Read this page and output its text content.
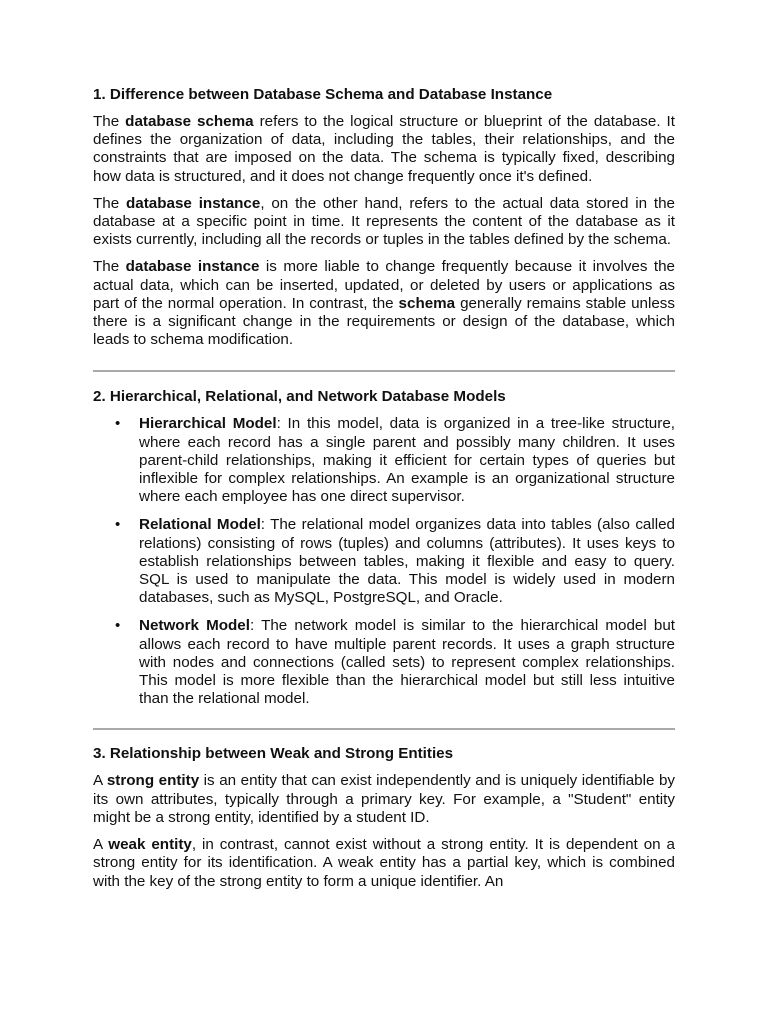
1. Difference between Database Schema and Database Instance

The database schema refers to the logical structure or blueprint of the database. It defines the organization of data, including the tables, their relationships, and the constraints that are imposed on the data. The schema is typically fixed, describing how data is structured, and it does not change frequently once it's defined.

The database instance, on the other hand, refers to the actual data stored in the database at a specific point in time. It represents the content of the database as it exists currently, including all the records or tuples in the tables defined by the schema.

The database instance is more liable to change frequently because it involves the actual data, which can be inserted, updated, or deleted by users or applications as part of the normal operation. In contrast, the schema generally remains stable unless there is a significant change in the requirements or design of the database, which leads to schema modification.

2. Hierarchical, Relational, and Network Database Models
• Hierarchical Model: In this model, data is organized in a tree-like structure, where each record has a single parent and possibly many children. It uses parent-child relationships, making it efficient for certain types of queries but inflexible for complex relationships. An example is an organizational structure where each employee has one direct supervisor.
• Relational Model: The relational model organizes data into tables (also called relations) consisting of rows (tuples) and columns (attributes). It uses keys to establish relationships between tables, making it flexible and easy to query. SQL is used to manipulate the data. This model is widely used in modern databases, such as MySQL, PostgreSQL, and Oracle.
• Network Model: The network model is similar to the hierarchical model but allows each record to have multiple parent records. It uses a graph structure with nodes and connections (called sets) to represent complex relationships. This model is more flexible than the hierarchical model but still less intuitive than the relational model.
3. Relationship between Weak and Strong Entities

A strong entity is an entity that can exist independently and is uniquely identifiable by its own attributes, typically through a primary key. For example, a "Student" entity might be a strong entity, identified by a student ID.

A weak entity, in contrast, cannot exist without a strong entity. It is dependent on a strong entity for its identification. A weak entity has a partial key, which is combined with the key of the strong entity to form a unique identifier. An
